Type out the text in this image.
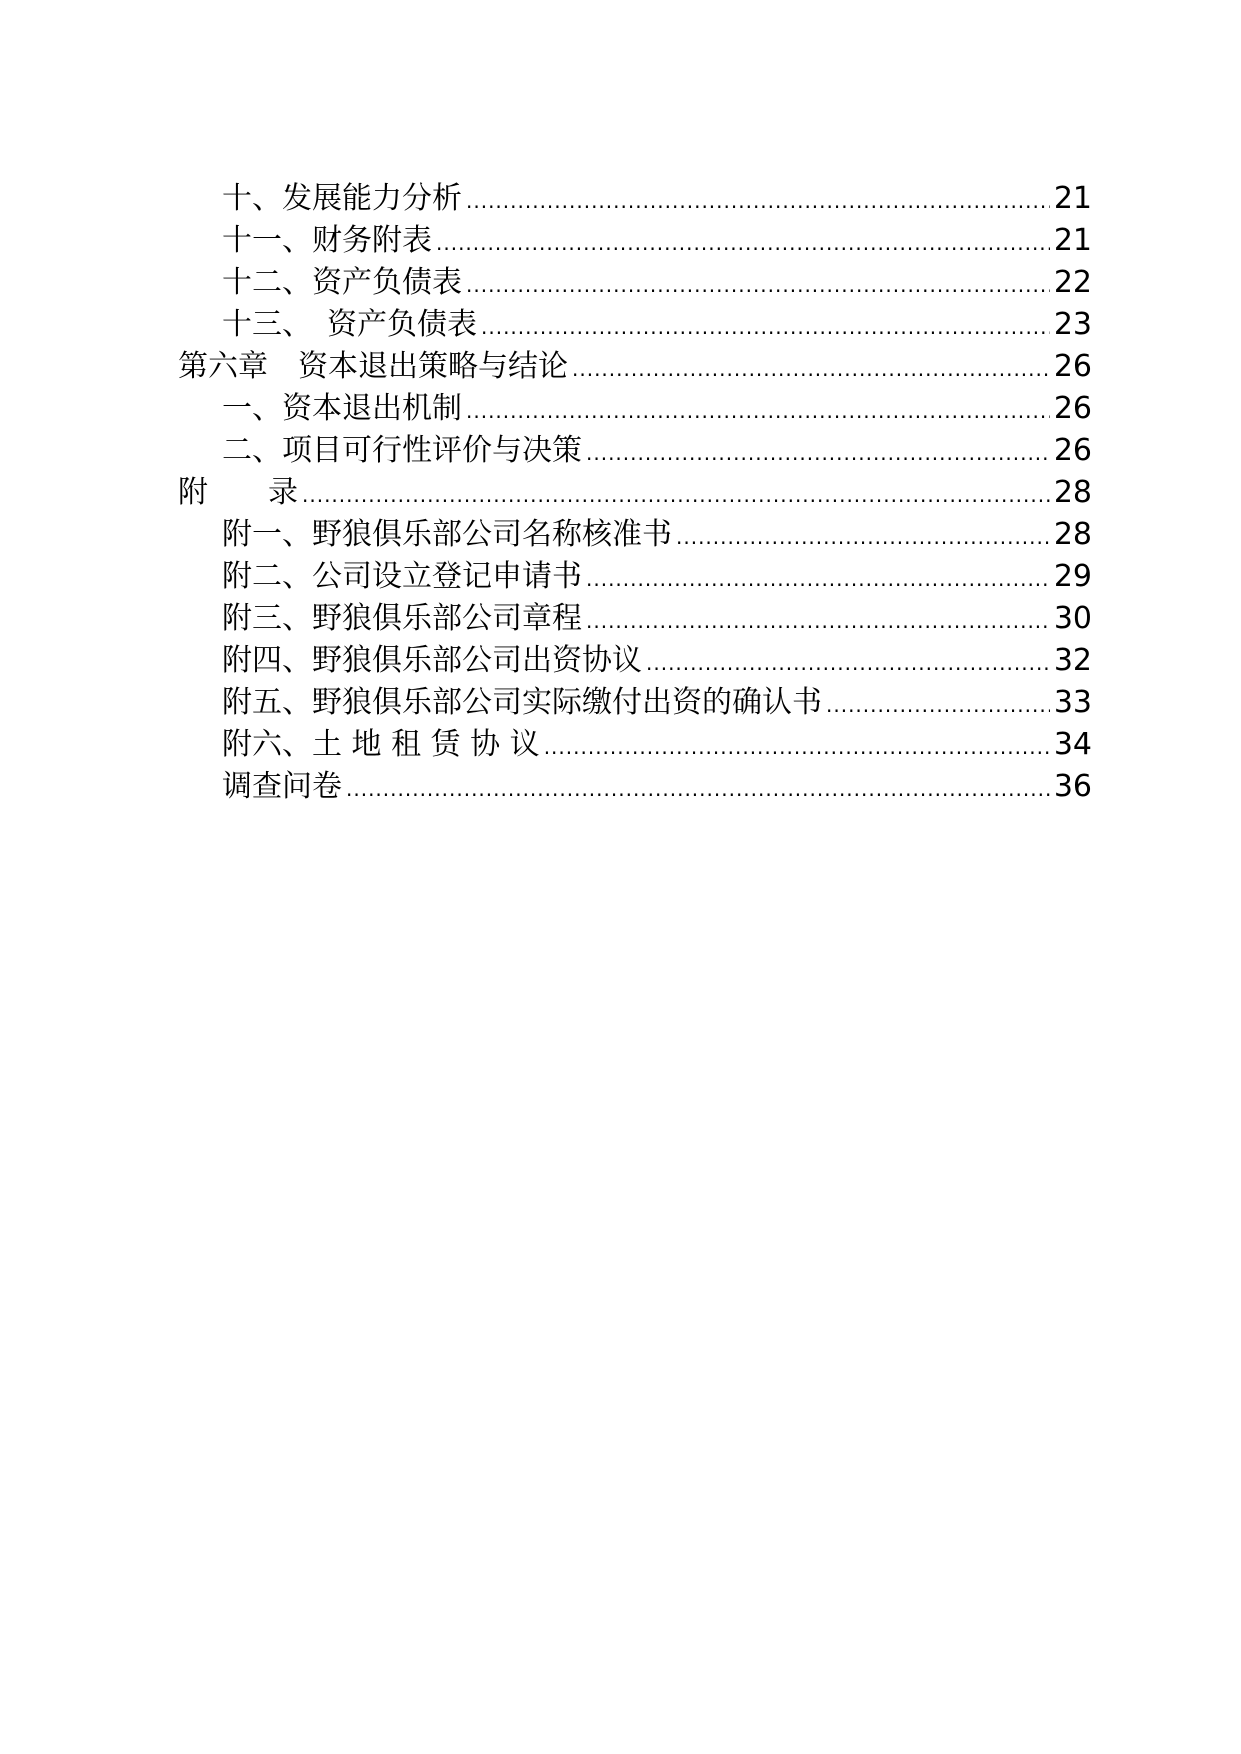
十、发展能力分析 .....	21
十一、财务附表 .....	21
十二、资产负债表 .....	22
十三、　资产负债表 .....	23
第六章　资本退出策略与结论 .....	26
一、资本退出机制 .....	26
二、项目可行性评价与决策 .....	26
附　　录 .....	28
附一、野狼俱乐部公司名称核准书 .....	28
附二、公司设立登记申请书 .....	29
附三、野狼俱乐部公司章程 .....	30
附四、野狼俱乐部公司出资协议 .....	32
附五、野狼俱乐部公司实际缴付出资的确认书 .....	33
附六、土 地 租 赁 协 议 .....	34
调查问卷 .....	36
